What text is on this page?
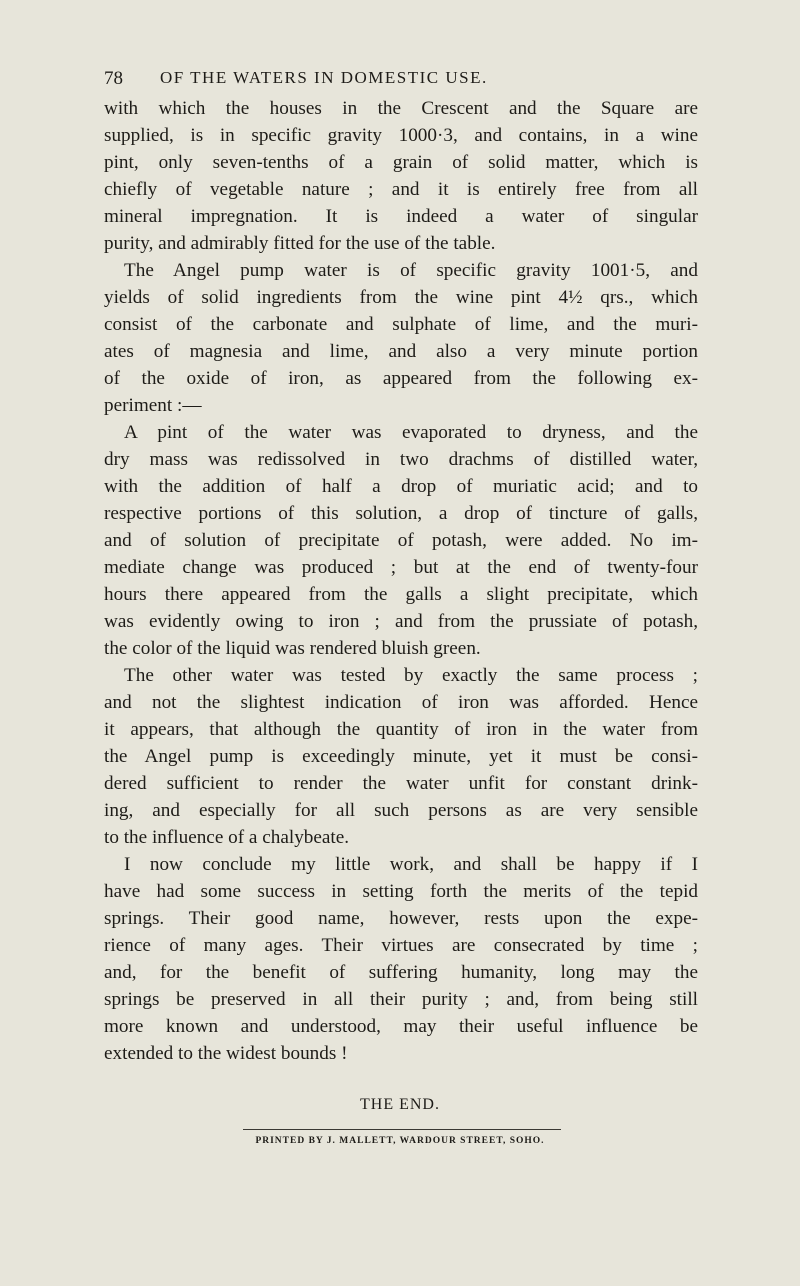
78 OF THE WATERS IN DOMESTIC USE.
with which the houses in the Crescent and the Square are
supplied, is in specific gravity 1000·3, and contains, in a wine
pint, only seven-tenths of a grain of solid matter, which is
chiefly of vegetable nature ; and it is entirely free from all
mineral impregnation. It is indeed a water of singular
purity, and admirably fitted for the use of the table.
The Angel pump water is of specific gravity 1001·5, and
yields of solid ingredients from the wine pint 4½ qrs., which
consist of the carbonate and sulphate of lime, and the muri-
ates of magnesia and lime, and also a very minute portion
of the oxide of iron, as appeared from the following ex-
periment :—
A pint of the water was evaporated to dryness, and the
dry mass was redissolved in two drachms of distilled water,
with the addition of half a drop of muriatic acid; and to
respective portions of this solution, a drop of tincture of galls,
and of solution of precipitate of potash, were added. No im-
mediate change was produced ; but at the end of twenty-four
hours there appeared from the galls a slight precipitate, which
was evidently owing to iron ; and from the prussiate of potash,
the color of the liquid was rendered bluish green.
The other water was tested by exactly the same process ;
and not the slightest indication of iron was afforded. Hence
it appears, that although the quantity of iron in the water from
the Angel pump is exceedingly minute, yet it must be consi-
dered sufficient to render the water unfit for constant drink-
ing, and especially for all such persons as are very sensible
to the influence of a chalybeate.
I now conclude my little work, and shall be happy if I
have had some success in setting forth the merits of the tepid
springs. Their good name, however, rests upon the expe-
rience of many ages. Their virtues are consecrated by time ;
and, for the benefit of suffering humanity, long may the
springs be preserved in all their purity ; and, from being still
more known and understood, may their useful influence be
extended to the widest bounds !
THE END.
PRINTED BY J. MALLETT, WARDOUR STREET, SOHO.
